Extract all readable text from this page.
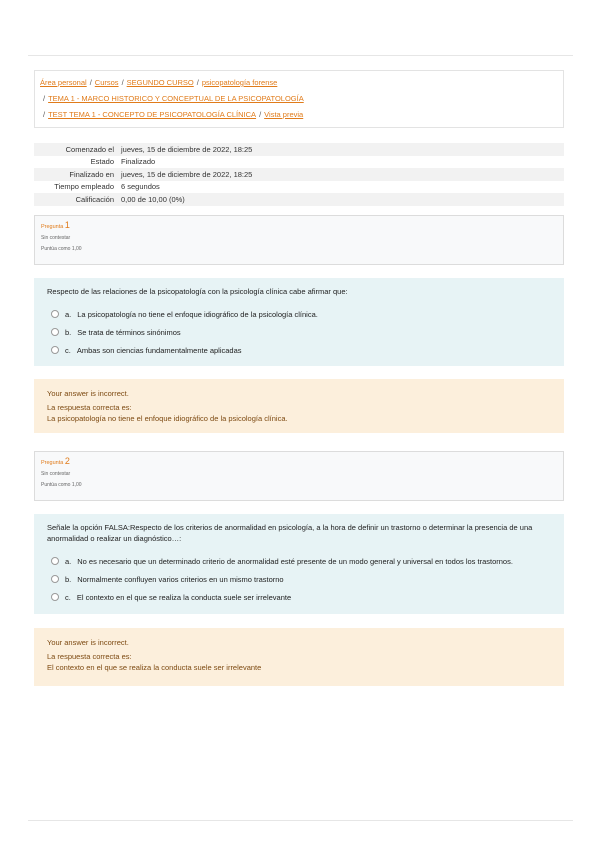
Área personal / Cursos / SEGUNDO CURSO / psicopatología forense
/ TEMA 1 - MARCO HISTORICO Y CONCEPTUAL DE LA PSICOPATOLOGÍA
/ TEST TEMA 1 - CONCEPTO DE PSICOPATOLOGÍA CLÍNICA / Vista previa
Comenzado el	jueves, 15 de diciembre de 2022, 18:25
Estado	Finalizado
Finalizado en	jueves, 15 de diciembre de 2022, 18:25
Tiempo empleado	6 segundos
Calificación	0,00 de 10,00 (0%)
Pregunta 1
Sin contestar
Puntúa como 1,00
Respecto de las relaciones de la psicopatología con la psicología clínica cabe afirmar que:
a. La psicopatología no tiene el enfoque idiográfico de la psicología clínica.
b. Se trata de términos sinónimos
c. Ambas son ciencias fundamentalmente aplicadas
Your answer is incorrect.
La respuesta correcta es:
La psicopatología no tiene el enfoque idiográfico de la psicología clínica.
Pregunta 2
Sin contestar
Puntúa como 1,00
Señale la opción FALSA:Respecto de los criterios de anormalidad en psicología, a la hora de definir un trastorno o determinar la presencia de una anormalidad o realizar un diagnóstico…:
a. No es necesario que un determinado criterio de anormalidad esté presente de un modo general y universal en todos los trastornos.
b. Normalmente confluyen varios criterios en un mismo trastorno
c. El contexto en el que se realiza la conducta suele ser irrelevante
Your answer is incorrect.
La respuesta correcta es:
El contexto en el que se realiza la conducta suele ser irrelevante
